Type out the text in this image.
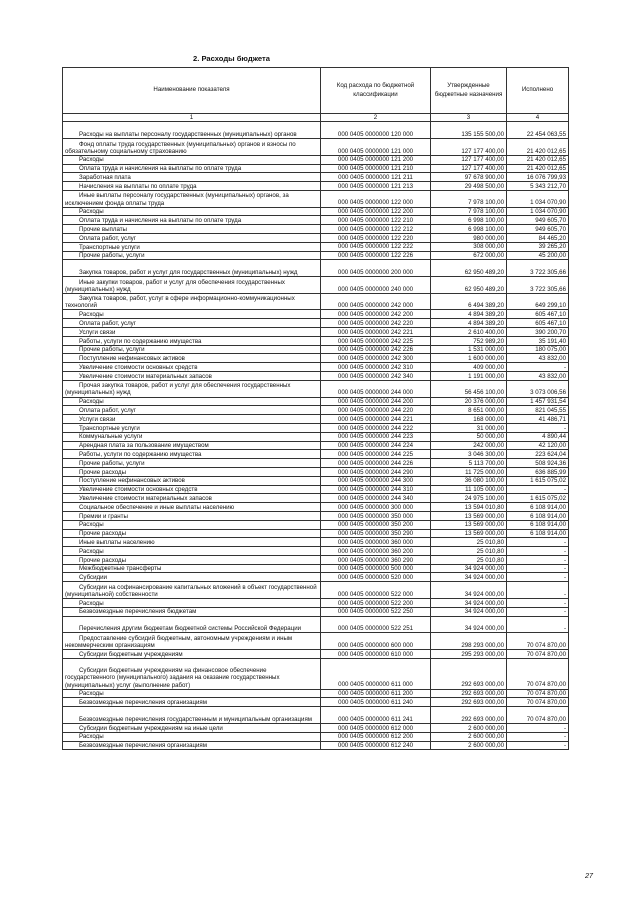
2. Расходы бюджета
Наименование показателя	Код расхода по бюджетной классификации	Утвержденные бюджетные назначения	Исполнено
1	2	3	4
Расходы на выплаты персоналу государственных (муниципальных) органов	000 0405 0000000 120 000	135 155 500,00	22 454 063,55
Фонд оплаты труда государственных (муниципальных) органов и взносы по обязательному социальному страхованию	000 0405 0000000 121 000	127 177 400,00	21 420 012,65
Расходы	000 0405 0000000 121 200	127 177 400,00	21 420 012,65
Оплата труда и начисления на выплаты по оплате труда	000 0405 0000000 121 210	127 177 400,00	21 420 012,65
Заработная плата	000 0405 0000000 121 211	97 678 900,00	16 076 799,93
Начисления на выплаты по оплате труда	000 0405 0000000 121 213	29 498 500,00	5 343 212,70
Иные выплаты персоналу государственных (муниципальных) органов, за исключением фонда оплаты труда	000 0405 0000000 122 000	7 978 100,00	1 034 070,90
Расходы	000 0405 0000000 122 200	7 978 100,00	1 034 070,90
Оплата труда и начисления на выплаты по оплате труда	000 0405 0000000 122 210	6 998 100,00	949 605,70
Прочие выплаты	000 0405 0000000 122 212	6 998 100,00	949 605,70
Оплата работ, услуг	000 0405 0000000 122 220	980 000,00	84 465,20
Транспортные услуги	000 0405 0000000 122 222	308 000,00	39 265,20
Прочие работы, услуги	000 0405 0000000 122 226	672 000,00	45 200,00
Закупка товаров, работ и услуг для государственных (муниципальных) нужд	000 0405 0000000 200 000	62 950 489,20	3 722 305,66
Иные закупки товаров, работ и услуг для обеспечения государственных (муниципальных) нужд	000 0405 0000000 240 000	62 950 489,20	3 722 305,66
Закупка товаров, работ, услуг в сфере информационно-коммуникационных технологий	000 0405 0000000 242 000	6 494 389,20	649 299,10
Расходы	000 0405 0000000 242 200	4 894 389,20	605 467,10
Оплата работ, услуг	000 0405 0000000 242 220	4 894 389,20	605 467,10
Услуги связи	000 0405 0000000 242 221	2 610 400,00	390 200,70
Работы, услуги по содержанию имущества	000 0405 0000000 242 225	752 989,20	35 191,40
Прочие работы, услуги	000 0405 0000000 242 226	1 531 000,00	180 075,00
Поступление нефинансовых активов	000 0405 0000000 242 300	1 600 000,00	43 832,00
Увеличение стоимости основных средств	000 0405 0000000 242 310	409 000,00	-
Увеличение стоимости материальных запасов	000 0405 0000000 242 340	1 191 000,00	43 832,00
Прочая закупка товаров, работ и услуг для обеспечения государственных (муниципальных) нужд	000 0405 0000000 244 000	56 456 100,00	3 073 006,56
Расходы	000 0405 0000000 244 200	20 376 000,00	1 457 931,54
Оплата работ, услуг	000 0405 0000000 244 220	8 651 000,00	821 045,55
Услуги связи	000 0405 0000000 244 221	168 000,00	41 486,71
Транспортные услуги	000 0405 0000000 244 222	31 000,00	-
Коммунальные услуги	000 0405 0000000 244 223	50 000,00	4 890,44
Арендная плата за пользование имуществом	000 0405 0000000 244 224	242 000,00	42 120,00
Работы, услуги по содержанию имущества	000 0405 0000000 244 225	3 046 300,00	223 624,04
Прочие работы, услуги	000 0405 0000000 244 226	5 113 700,00	508 924,36
Прочие расходы	000 0405 0000000 244 290	11 725 000,00	636 885,99
Поступление нефинансовых активов	000 0405 0000000 244 300	36 080 100,00	1 615 075,02
Увеличение стоимости основных средств	000 0405 0000000 244 310	11 105 000,00	-
Увеличение стоимости материальных запасов	000 0405 0000000 244 340	24 975 100,00	1 615 075,02
Социальное обеспечение и иные выплаты населению	000 0405 0000000 300 000	13 594 010,80	6 108 914,00
Премии и гранты	000 0405 0000000 350 000	13 569 000,00	6 108 914,00
Расходы	000 0405 0000000 350 200	13 569 000,00	6 108 914,00
Прочие расходы	000 0405 0000000 350 290	13 569 000,00	6 108 914,00
Иные выплаты населению	000 0405 0000000 360 000	25 010,80	-
Расходы	000 0405 0000000 360 200	25 010,80	-
Прочие расходы	000 0405 0000000 360 290	25 010,80	-
Межбюджетные трансферты	000 0405 0000000 500 000	34 924 000,00	-
Субсидии	000 0405 0000000 520 000	34 924 000,00	-
Субсидии на софинансирование капитальных вложений в объект государственной (муниципальной) собственности	000 0405 0000000 522 000	34 924 000,00	-
Расходы	000 0405 0000000 522 200	34 924 000,00	-
Безвозмездные перечисления бюджетам	000 0405 0000000 522 250	34 924 000,00	-
Перечисления другим бюджетам бюджетной системы Российской Федерации	000 0405 0000000 522 251	34 924 000,00	-
Предоставление субсидий бюджетным, автономным учреждениям и иным некоммерческим организациям	000 0405 0000000 600 000	298 293 000,00	70 074 870,00
Субсидии бюджетным учреждениям	000 0405 0000000 610 000	295 293 000,00	70 074 870,00
Субсидии бюджетным учреждениям на финансовое обеспечение государственного (муниципального) задания на оказание государственных (муниципальных) услуг (выполнение работ)	000 0405 0000000 611 000	292 693 000,00	70 074 870,00
Расходы	000 0405 0000000 611 200	292 693 000,00	70 074 870,00
Безвозмездные перечисления организациям	000 0405 0000000 611 240	292 693 000,00	70 074 870,00
Безвозмездные перечисления государственным и муниципальным организациям	000 0405 0000000 611 241	292 693 000,00	70 074 870,00
Субсидии бюджетным учреждениям на иные цели	000 0405 0000000 612 000	2 600 000,00	-
Расходы	000 0405 0000000 612 200	2 600 000,00	-
Безвозмездные перечисления организациям	000 0405 0000000 612 240	2 600 000,00	-
27
